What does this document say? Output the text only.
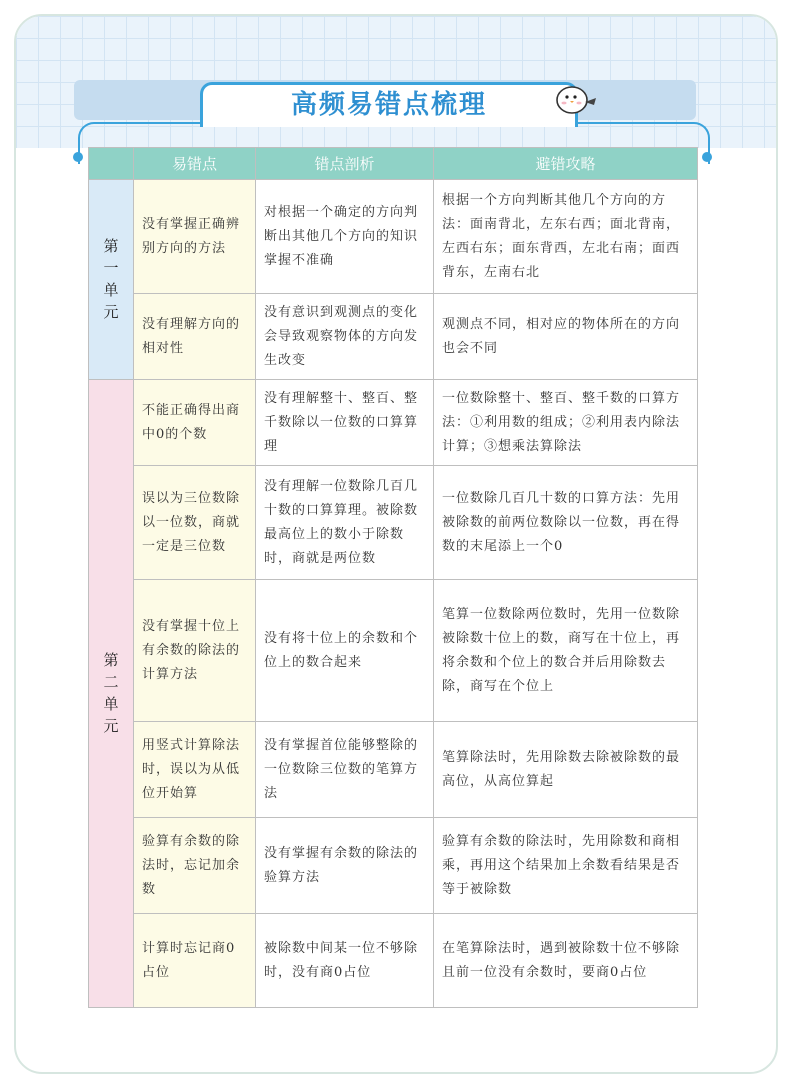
高频易错点梳理
	易错点	错点剖析	避错攻略
第一单元	没有掌握正确辨别方向的方法	对根据一个确定的方向判断出其他几个方向的知识掌握不准确	根据一个方向判断其他几个方向的方法：面南背北，左东右西；面北背南，左西右东；面东背西，左北右南；面西背东，左南右北
	没有理解方向的相对性	没有意识到观测点的变化会导致观察物体的方向发生改变	观测点不同，相对应的物体所在的方向也会不同
第二单元	不能正确得出商中0的个数	没有理解整十、整百、整千数除以一位数的口算算理	一位数除整十、整百、整千数的口算方法：①利用数的组成；②利用表内除法计算；③想乘法算除法
	误以为三位数除以一位数，商就一定是三位数	没有理解一位数除几百几十数的口算算理。被除数最高位上的数小于除数时，商就是两位数	一位数除几百几十数的口算方法：先用被除数的前两位数除以一位数，再在得数的末尾添上一个0
	没有掌握十位上有余数的除法的计算方法	没有将十位上的余数和个位上的数合起来	笔算一位数除两位数时，先用一位数除被除数十位上的数，商写在十位上，再将余数和个位上的数合并后用除数去除，商写在个位上
	用竖式计算除法时，误以为从低位开始算	没有掌握首位能够整除的一位数除三位数的笔算方法	笔算除法时，先用除数去除被除数的最高位，从高位算起
	验算有余数的除法时，忘记加余数	没有掌握有余数的除法的验算方法	验算有余数的除法时，先用除数和商相乘，再用这个结果加上余数看结果是否等于被除数
	计算时忘记商0占位	被除数中间某一位不够除时，没有商0占位	在笔算除法时，遇到被除数十位不够除且前一位没有余数时，要商0占位
